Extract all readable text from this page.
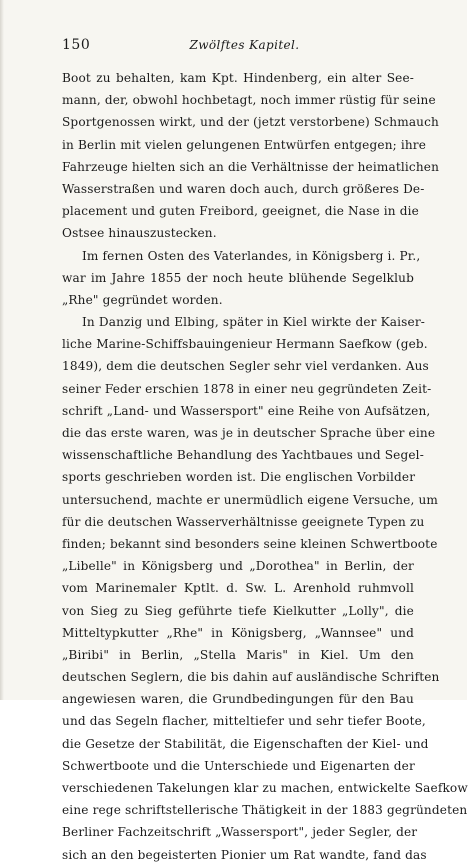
150	Zwölftes Kapitel.
Boot zu behalten, kam Kpt. Hindenberg, ein alter See-
mann, der, obwohl hochbetagt, noch immer rüstig für seine
Sportgenossen wirkt, und der (jetzt verstorbene) Schmauch
in Berlin mit vielen gelungenen Entwürfen entgegen; ihre
Fahrzeuge hielten sich an die Verhältnisse der heimatlichen
Wasserstraßen und waren doch auch, durch größeres De-
placement und guten Freibord, geeignet, die Nase in die
Ostsee hinauszustecken.
Im fernen Osten des Vaterlandes, in Königsberg i. Pr.,
war im Jahre 1855 der noch heute blühende Segelklub
„Rhe" gegründet worden.
In Danzig und Elbing, später in Kiel wirkte der Kaiser-
liche Marine-Schiffsbauingenieur Hermann Saefkow (geb.
1849), dem die deutschen Segler sehr viel verdanken. Aus
seiner Feder erschien 1878 in einer neu gegründeten Zeit-
schrift „Land- und Wassersport" eine Reihe von Aufsätzen,
die das erste waren, was je in deutscher Sprache über eine
wissenschaftliche Behandlung des Yachtbaues und Segel-
sports geschrieben worden ist. Die englischen Vorbilder
untersuchend, machte er unermüdlich eigene Versuche, um
für die deutschen Wasserverhältnisse geeignete Typen zu
finden; bekannt sind besonders seine kleinen Schwertboote
„Libelle" in Königsberg und „Dorothea" in Berlin, der
vom Marinemaler Kptlt. d. Sw. L. Arenhold ruhmvoll
von Sieg zu Sieg geführte tiefe Kielkutter „Lolly", die
Mitteltypkutter „Rhe" in Königsberg, „Wannsee" und
„Biribi" in Berlin, „Stella Maris" in Kiel. Um den
deutschen Seglern, die bis dahin auf ausländische Schriften
angewiesen waren, die Grundbedingungen für den Bau
und das Segeln flacher, mitteltiefer und sehr tiefer Boote,
die Gesetze der Stabilität, die Eigenschaften der Kiel- und
Schwertboote und die Unterschiede und Eigenarten der
verschiedenen Takelungen klar zu machen, entwickelte Saefkow
eine rege schriftstellerische Thätigkeit in der 1883 gegründeten
Berliner Fachzeitschrift „Wassersport", jeder Segler, der
sich an den begeisterten Pionier um Rat wandte, fand das
